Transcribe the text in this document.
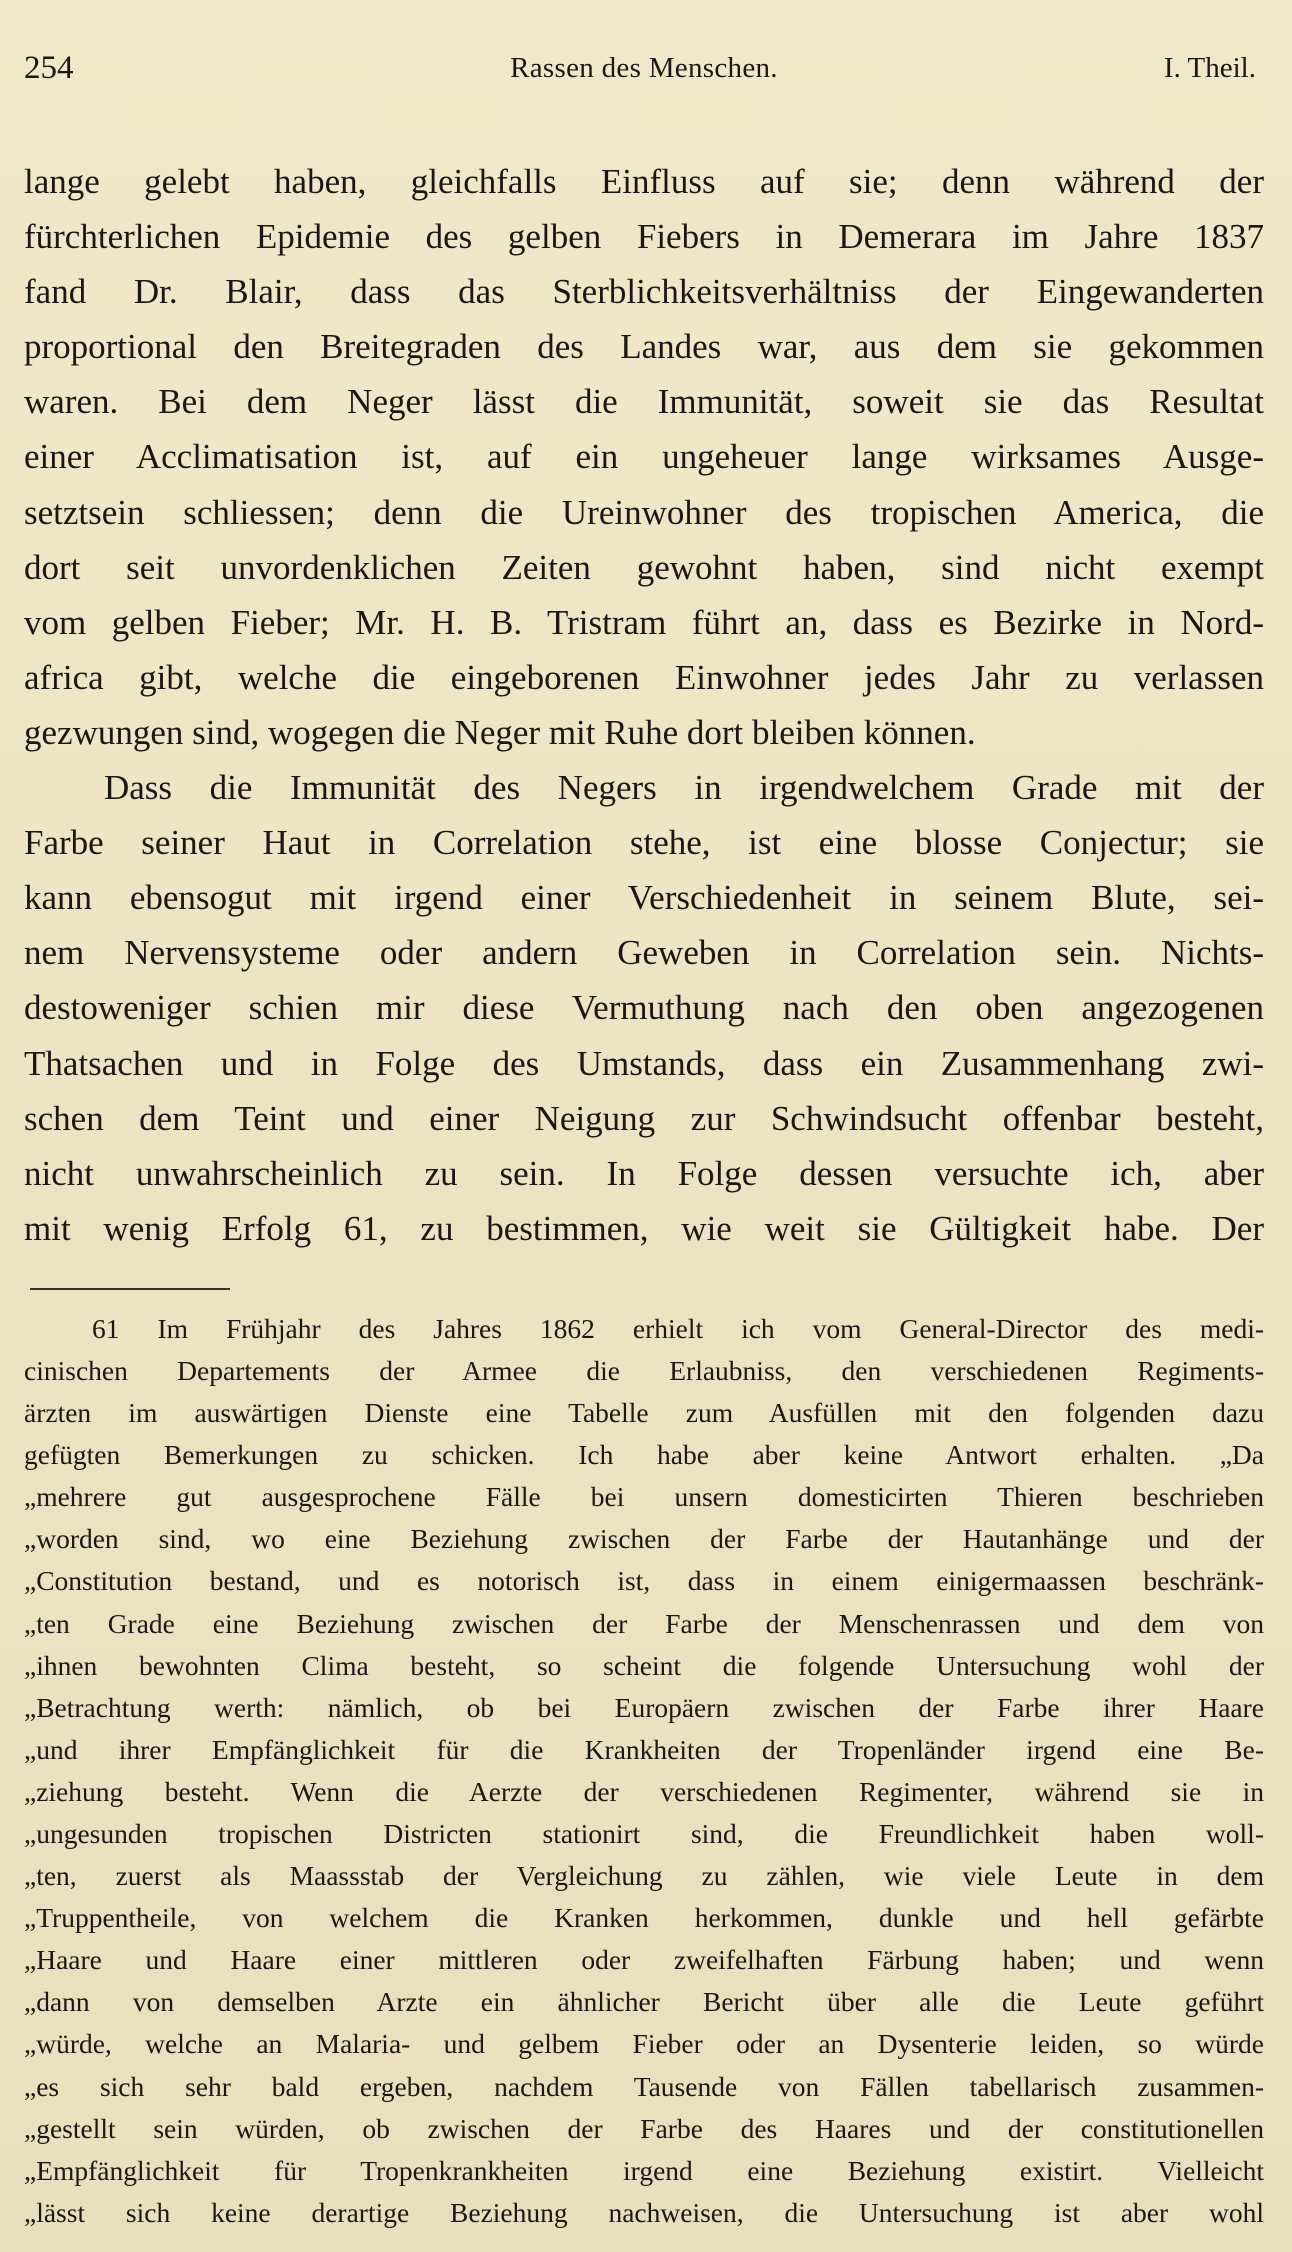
254	Rassen des Menschen.	I. Theil.
lange gelebt haben, gleichfalls Einfluss auf sie; denn während der
fürchterlichen Epidemie des gelben Fiebers in Demerara im Jahre 1837
fand Dr. Blair, dass das Sterblichkeitsverhältniss der Eingewanderten
proportional den Breitegraden des Landes war, aus dem sie gekommen
waren. Bei dem Neger lässt die Immunität, soweit sie das Resultat
einer Acclimatisation ist, auf ein ungeheuer lange wirksames Ausge-
setztsein schliessen; denn die Ureinwohner des tropischen America, die
dort seit unvordenklichen Zeiten gewohnt haben, sind nicht exempt
vom gelben Fieber; Mr. H. B. Tristram führt an, dass es Bezirke in Nord-
africa gibt, welche die eingeborenen Einwohner jedes Jahr zu verlassen
gezwungen sind, wogegen die Neger mit Ruhe dort bleiben können.
Dass die Immunität des Negers in irgendwelchem Grade mit der
Farbe seiner Haut in Correlation stehe, ist eine blosse Conjectur; sie
kann ebensogut mit irgend einer Verschiedenheit in seinem Blute, sei-
nem Nervensysteme oder andern Geweben in Correlation sein. Nichts-
destoweniger schien mir diese Vermuthung nach den oben angezogenen
Thatsachen und in Folge des Umstands, dass ein Zusammenhang zwi-
schen dem Teint und einer Neigung zur Schwindsucht offenbar besteht,
nicht unwahrscheinlich zu sein. In Folge dessen versuchte ich, aber
mit wenig Erfolg 61, zu bestimmen, wie weit sie Gültigkeit habe. Der
61 Im Frühjahr des Jahres 1862 erhielt ich vom General-Director des medi-
cinischen Departements der Armee die Erlaubniss, den verschiedenen Regiments-
ärzten im auswärtigen Dienste eine Tabelle zum Ausfüllen mit den folgenden dazu
gefügten Bemerkungen zu schicken. Ich habe aber keine Antwort erhalten. „Da
„mehrere gut ausgesprochene Fälle bei unsern domesticirten Thieren beschrieben
„worden sind, wo eine Beziehung zwischen der Farbe der Hautanhänge und der
„Constitution bestand, und es notorisch ist, dass in einem einigermaassen beschränk-
„ten Grade eine Beziehung zwischen der Farbe der Menschenrassen und dem von
„ihnen bewohnten Clima besteht, so scheint die folgende Untersuchung wohl der
„Betrachtung werth: nämlich, ob bei Europäern zwischen der Farbe ihrer Haare
„und ihrer Empfänglichkeit für die Krankheiten der Tropenländer irgend eine Be-
„ziehung besteht. Wenn die Aerzte der verschiedenen Regimenter, während sie in
„ungesunden tropischen Districten stationirt sind, die Freundlichkeit haben woll-
„ten, zuerst als Maassstab der Vergleichung zu zählen, wie viele Leute in dem
„Truppentheile, von welchem die Kranken herkommen, dunkle und hell gefärbte
„Haare und Haare einer mittleren oder zweifelhaften Färbung haben; und wenn
„dann von demselben Arzte ein ähnlicher Bericht über alle die Leute geführt
„würde, welche an Malaria- und gelbem Fieber oder an Dysenterie leiden, so würde
„es sich sehr bald ergeben, nachdem Tausende von Fällen tabellarisch zusammen-
„gestellt sein würden, ob zwischen der Farbe des Haares und der constitutionellen
„Empfänglichkeit für Tropenkrankheiten irgend eine Beziehung existirt. Vielleicht
„lässt sich keine derartige Beziehung nachweisen, die Untersuchung ist aber wohl
